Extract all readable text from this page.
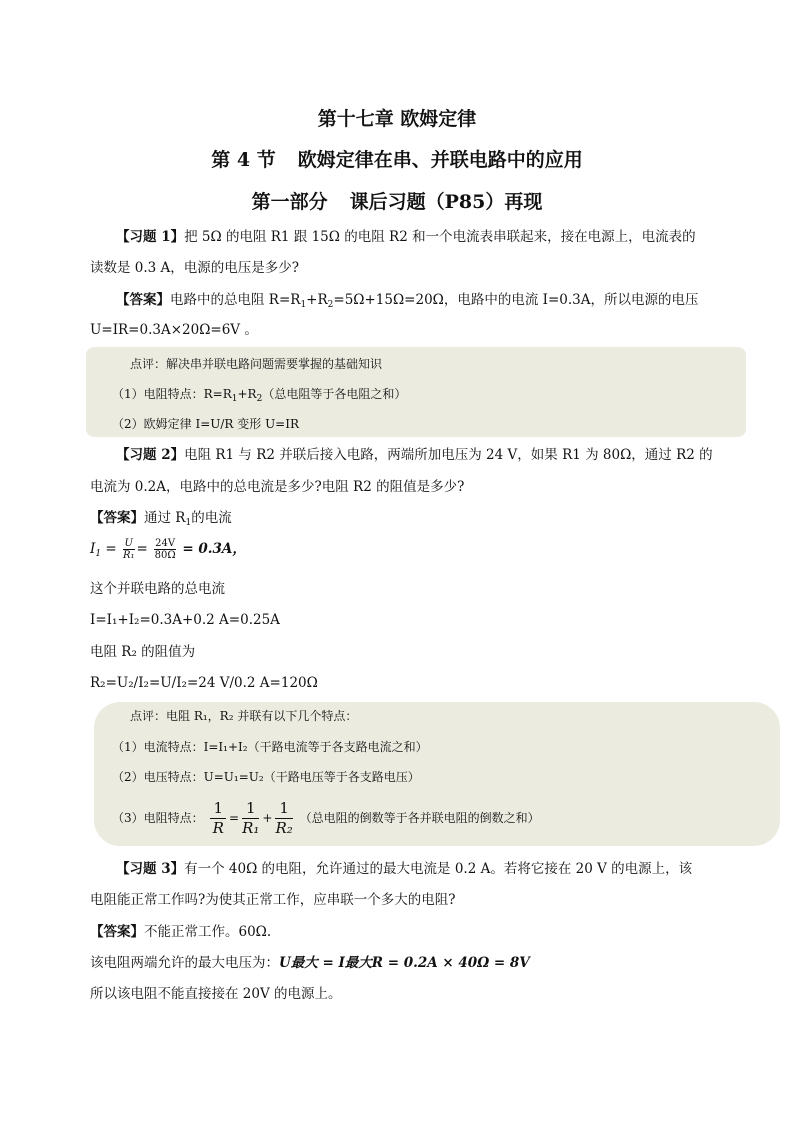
第十七章 欧姆定律
第 4 节 欧姆定律在串、并联电路中的应用
第一部分 课后习题（P85）再现
【习题 1】把 5Ω 的电阻 R1 跟 15Ω 的电阻 R2 和一个电流表串联起来，接在电源上，电流表的
读数是 0.3 A，电源的电压是多少?
【答案】电路中的总电阻 $R=R_1+R_2=5\Omega+15\Omega=20\Omega$，电路中的电流 I=0.3A，所以电源的电压
U=IR=0.3A×20Ω=6V 。
点评：解决串并联电路问题需要掌握的基础知识
（1）电阻特点：$R=R_1+R_2$（总电阻等于各电阻之和）
（2）欧姆定律 I=U/R 变形 U=IR
【习题 2】电阻 R1 与 R2 并联后接入电路，两端所加电压为 24 V，如果 R1 为 80Ω，通过 R2 的
电流为 0.2A，电路中的总电流是多少?电阻 R2 的阻值是多少?
【答案】通过 $R_1$的电流
$I_1 = \frac{U}{\text{R₁}} = \frac{24V}{80\Omega} = 0.3A$，
这个并联电路的总电流
I=I₁+I₂=0.3A+0.2 A=0.25A
电阻 R₂ 的阻值为
R₂=U₂/I₂=U/I₂=24 V/0.2 A=120Ω
点评：电阻 R₁，R₂ 并联有以下几个特点：
（1）电流特点：I=I₁+I₂（干路电流等于各支路电流之和）
（2）电压特点：U=U₁=U₂（干路电压等于各支路电压）
（3）电阻特点： $\frac{1}{R} = \frac{1}{\text{R₁}} + \frac{1}{\text{R₂}}$ （总电阻的倒数等于各并联电阻的倒数之和）
【习题 3】有一个 40Ω 的电阻，允许通过的最大电流是 0.2 A。若将它接在 20 V 的电源上，该
电阻能正常工作吗?为使其正常工作，应串联一个多大的电阻?
【答案】不能正常工作。60Ω.
该电阻两端允许的最大电压为：U最大 = I最大R = 0.2A × 40Ω = 8V
所以该电阻不能直接接在 20V 的电源上。
